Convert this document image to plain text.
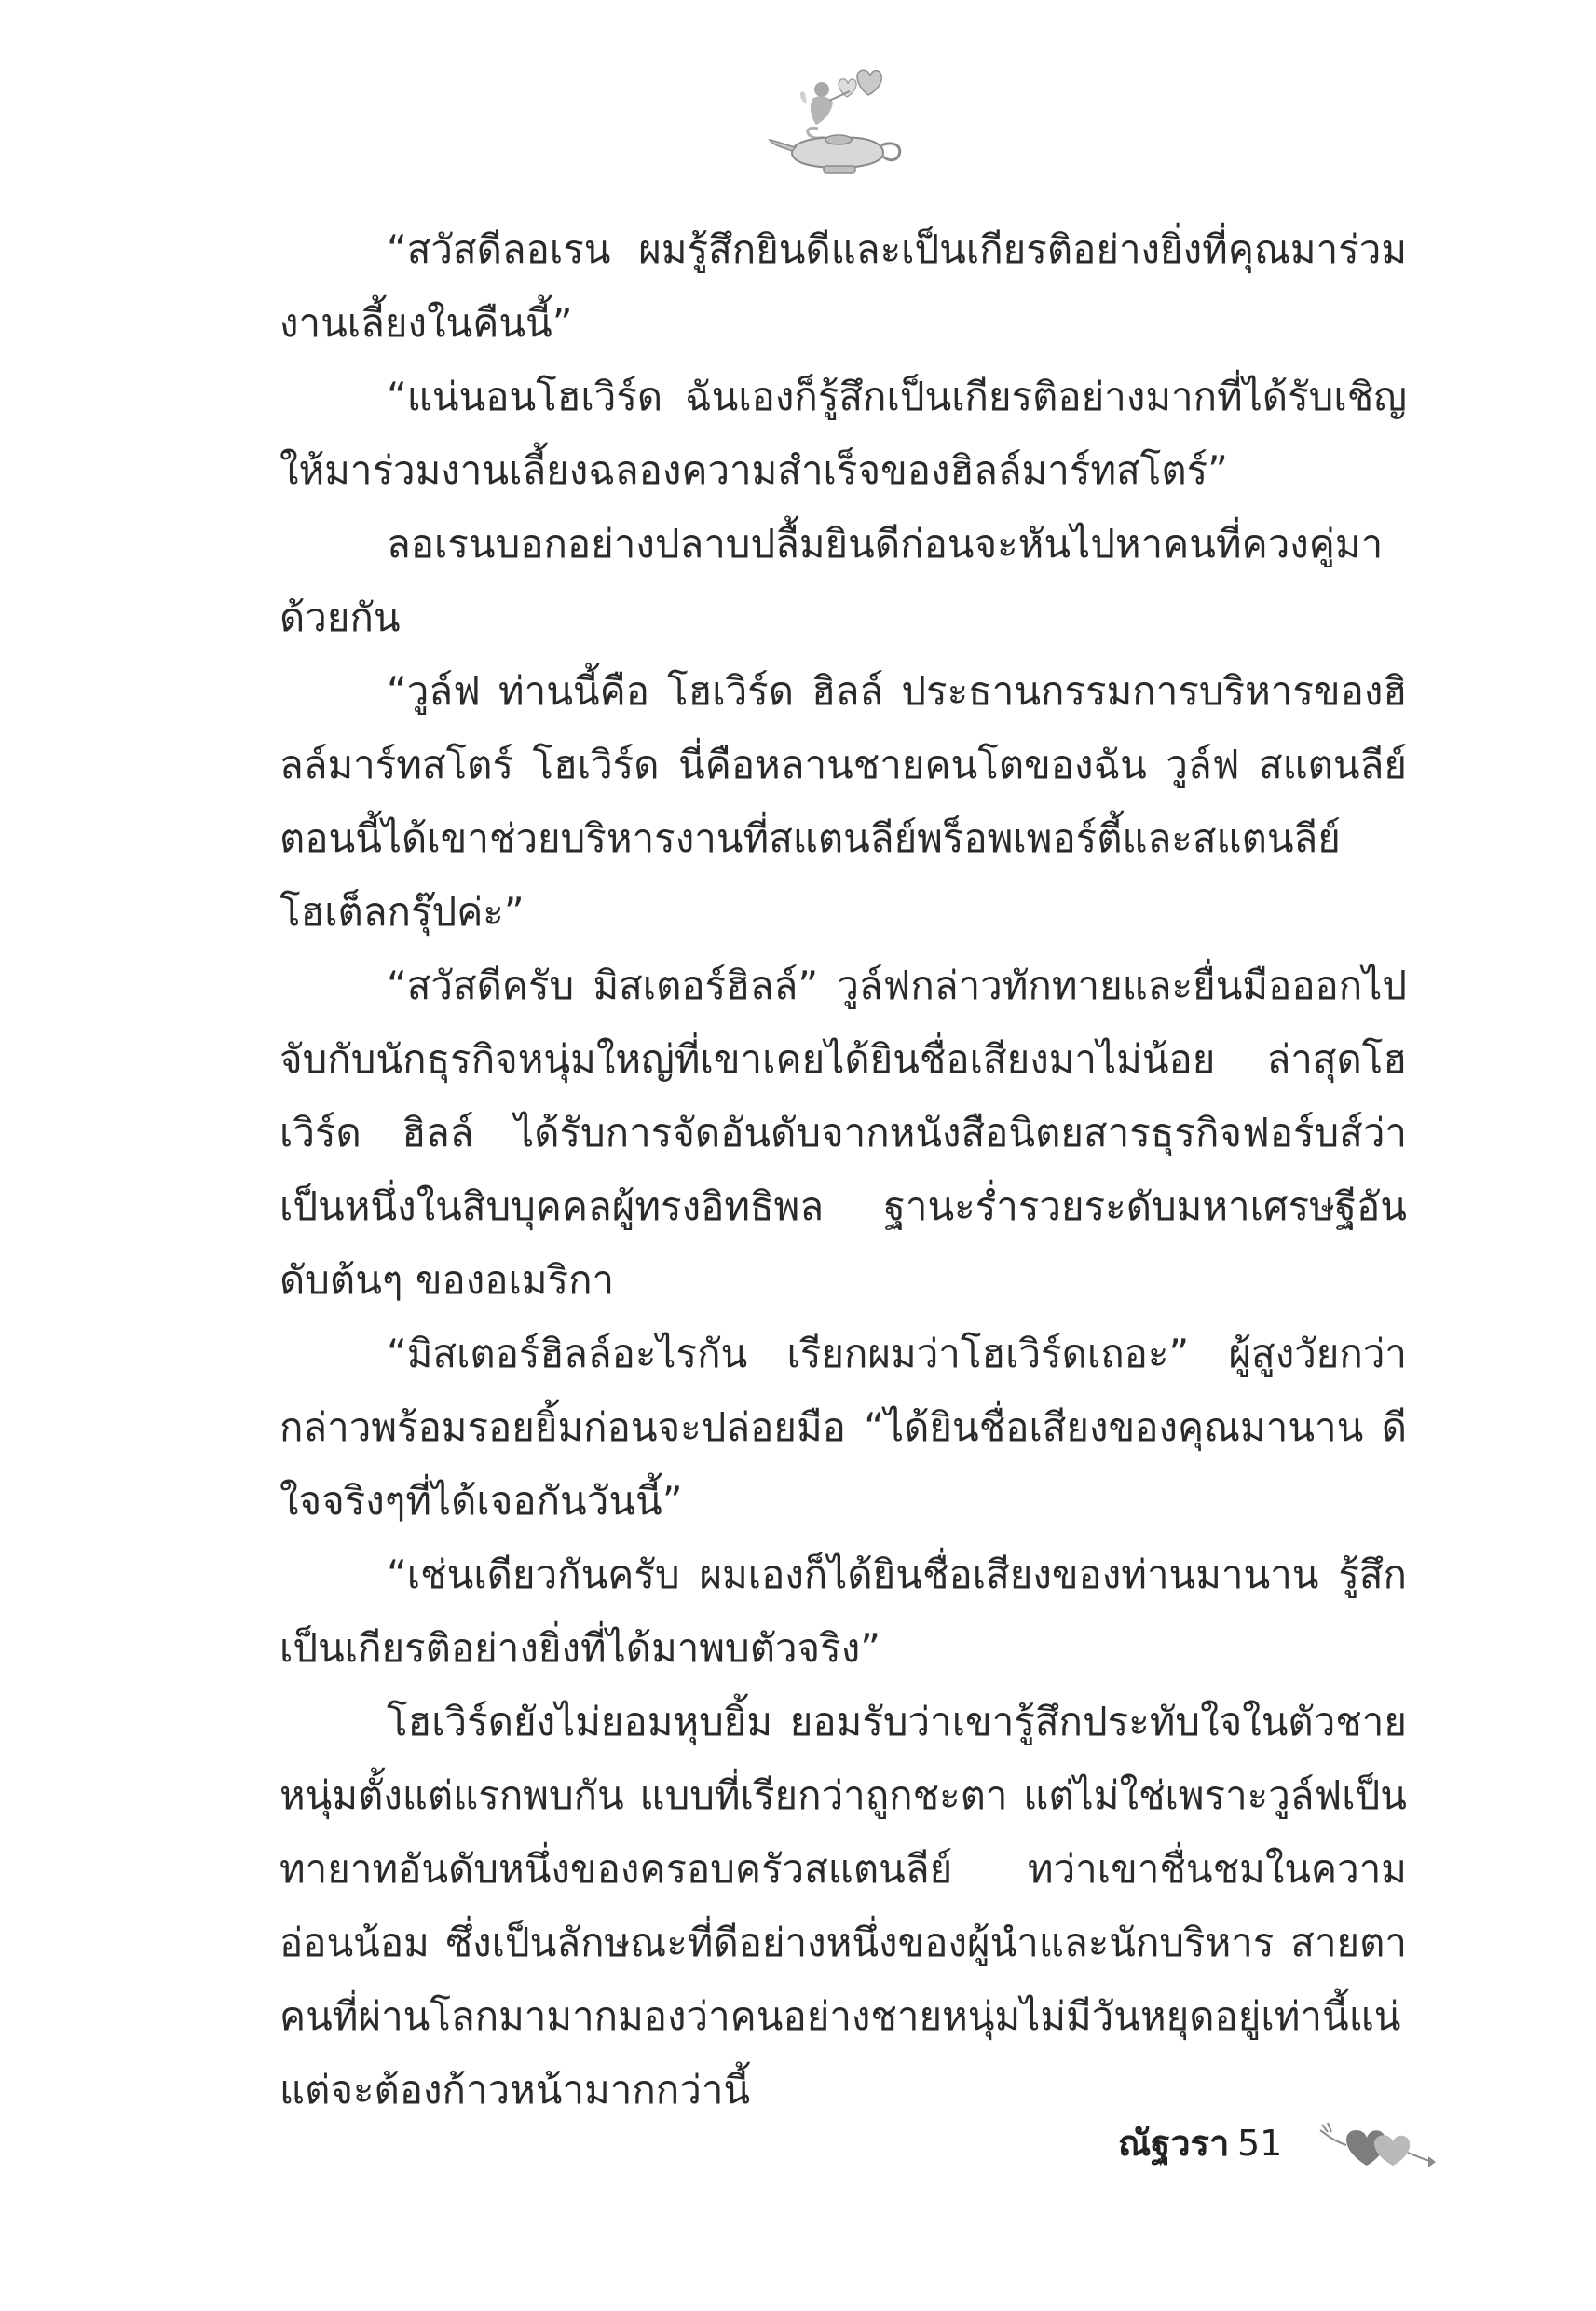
“สวัสดีลอเรน ผมรู้สึกยินดีและเป็นเกียรติอย่างยิ่งที่คุณมาร่วมงานเลี้ยงในคืนนี้”

“แน่นอนโฮเวิร์ด ฉันเองก็รู้สึกเป็นเกียรติอย่างมากที่ได้รับเชิญให้มาร่วมงานเลี้ยงฉลองความสำเร็จของฮิลล์มาร์ทสโตร์”

ลอเรนบอกอย่างปลาบปลื้มยินดีก่อนจะหันไปหาคนที่ควงคู่มาด้วยกัน

“วูล์ฟ ท่านนี้คือ โฮเวิร์ด ฮิลล์ ประธานกรรมการบริหารของฮิลล์มาร์ทสโตร์ โฮเวิร์ด นี่คือหลานชายคนโตของฉัน วูล์ฟ สแตนลีย์ ตอนนี้ได้เขาช่วยบริหารงานที่สแตนลีย์พร็อพเพอร์ตี้และสแตนลีย์โฮเต็ลกรุ๊ปค่ะ”

“สวัสดีครับ มิสเตอร์ฮิลล์” วูล์ฟกล่าวทักทายและยื่นมือออกไปจับกับนักธุรกิจหนุ่มใหญ่ที่เขาเคยได้ยินชื่อเสียงมาไม่น้อย ล่าสุดโฮเวิร์ด ฮิลล์ ได้รับการจัดอันดับจากหนังสือนิตยสารธุรกิจฟอร์บส์ว่าเป็นหนึ่งในสิบบุคคลผู้ทรงอิทธิพล ฐานะร่ำรวยระดับมหาเศรษฐีอันดับต้นๆ ของอเมริกา

“มิสเตอร์ฮิลล์อะไรกัน เรียกผมว่าโฮเวิร์ดเถอะ” ผู้สูงวัยกว่ากล่าวพร้อมรอยยิ้มก่อนจะปล่อยมือ “ได้ยินชื่อเสียงของคุณมานาน ดีใจจริงๆที่ได้เจอกันวันนี้”

“เช่นเดียวกันครับ ผมเองก็ได้ยินชื่อเสียงของท่านมานาน รู้สึกเป็นเกียรติอย่างยิ่งที่ได้มาพบตัวจริง”

โฮเวิร์ดยังไม่ยอมหุบยิ้ม ยอมรับว่าเขารู้สึกประทับใจในตัวชายหนุ่มตั้งแต่แรกพบกัน แบบที่เรียกว่าถูกชะตา แต่ไม่ใช่เพราะวูล์ฟเป็นทายาทอันดับหนึ่งของครอบครัวสแตนลีย์ ทว่าเขาชื่นชมในความอ่อนน้อม ซึ่งเป็นลักษณะที่ดีอย่างหนึ่งของผู้นำและนักบริหาร สายตาคนที่ผ่านโลกมามากมองว่าคนอย่างชายหนุ่มไม่มีวันหยุดอยู่เท่านี้แน่แต่จะต้องก้าวหน้ามากกว่านี้

ณัฐวรา 51
